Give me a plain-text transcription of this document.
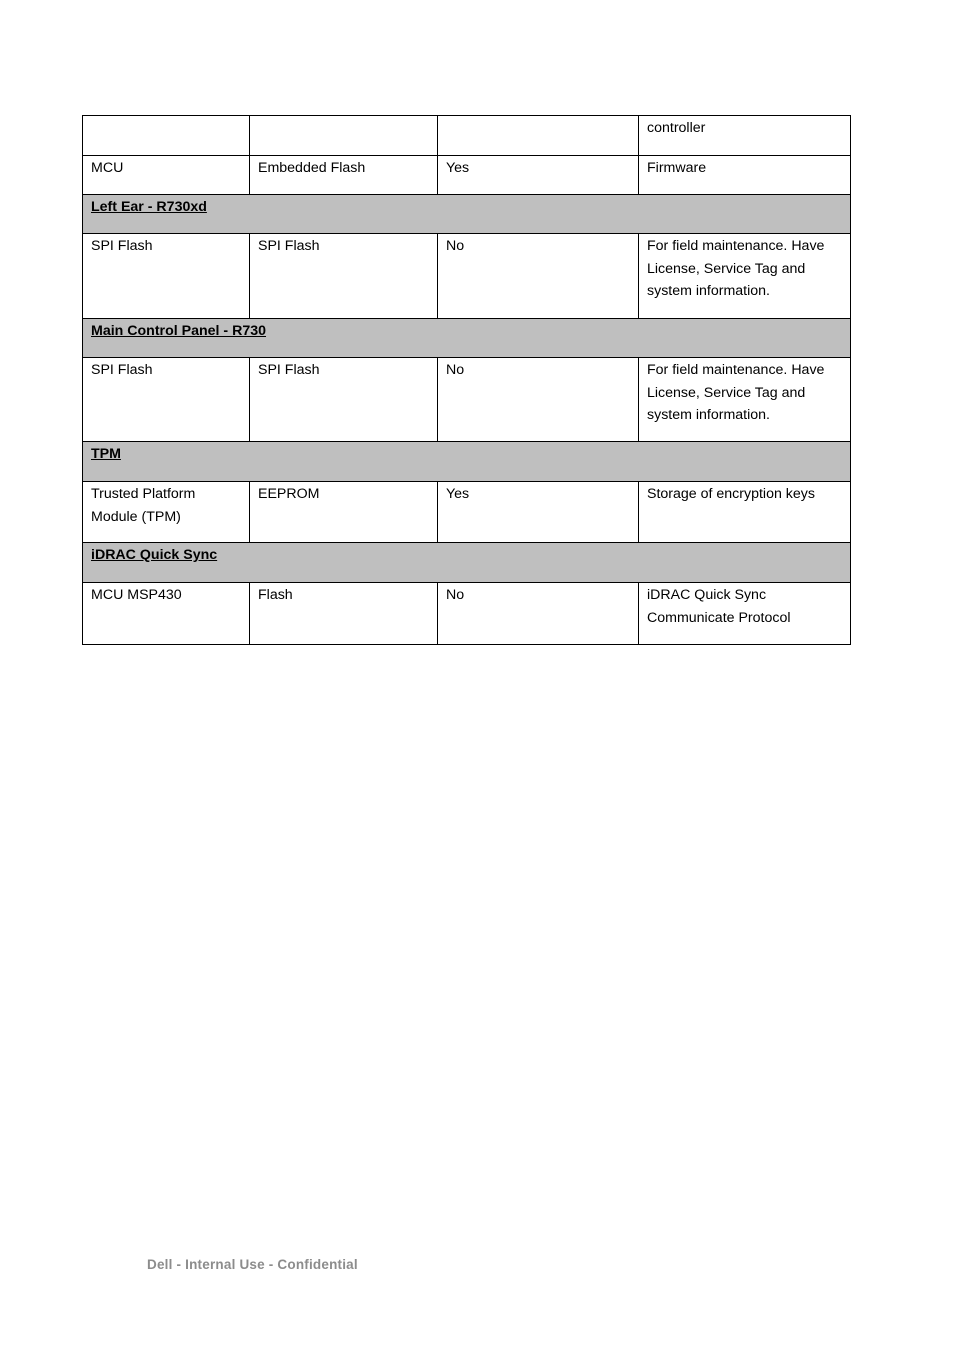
			controller
MCU	Embedded Flash	Yes	Firmware
Left Ear - R730xd			
SPI Flash	SPI Flash	No	For field maintenance. Have License, Service Tag and system information.
Main Control Panel - R730			
SPI Flash	SPI Flash	No	For field maintenance. Have License, Service Tag and system information.
TPM			
Trusted Platform Module (TPM)	EEPROM	Yes	Storage of encryption keys
iDRAC Quick Sync			
MCU MSP430	Flash	No	iDRAC Quick Sync Communicate Protocol
Dell - Internal Use - Confidential
